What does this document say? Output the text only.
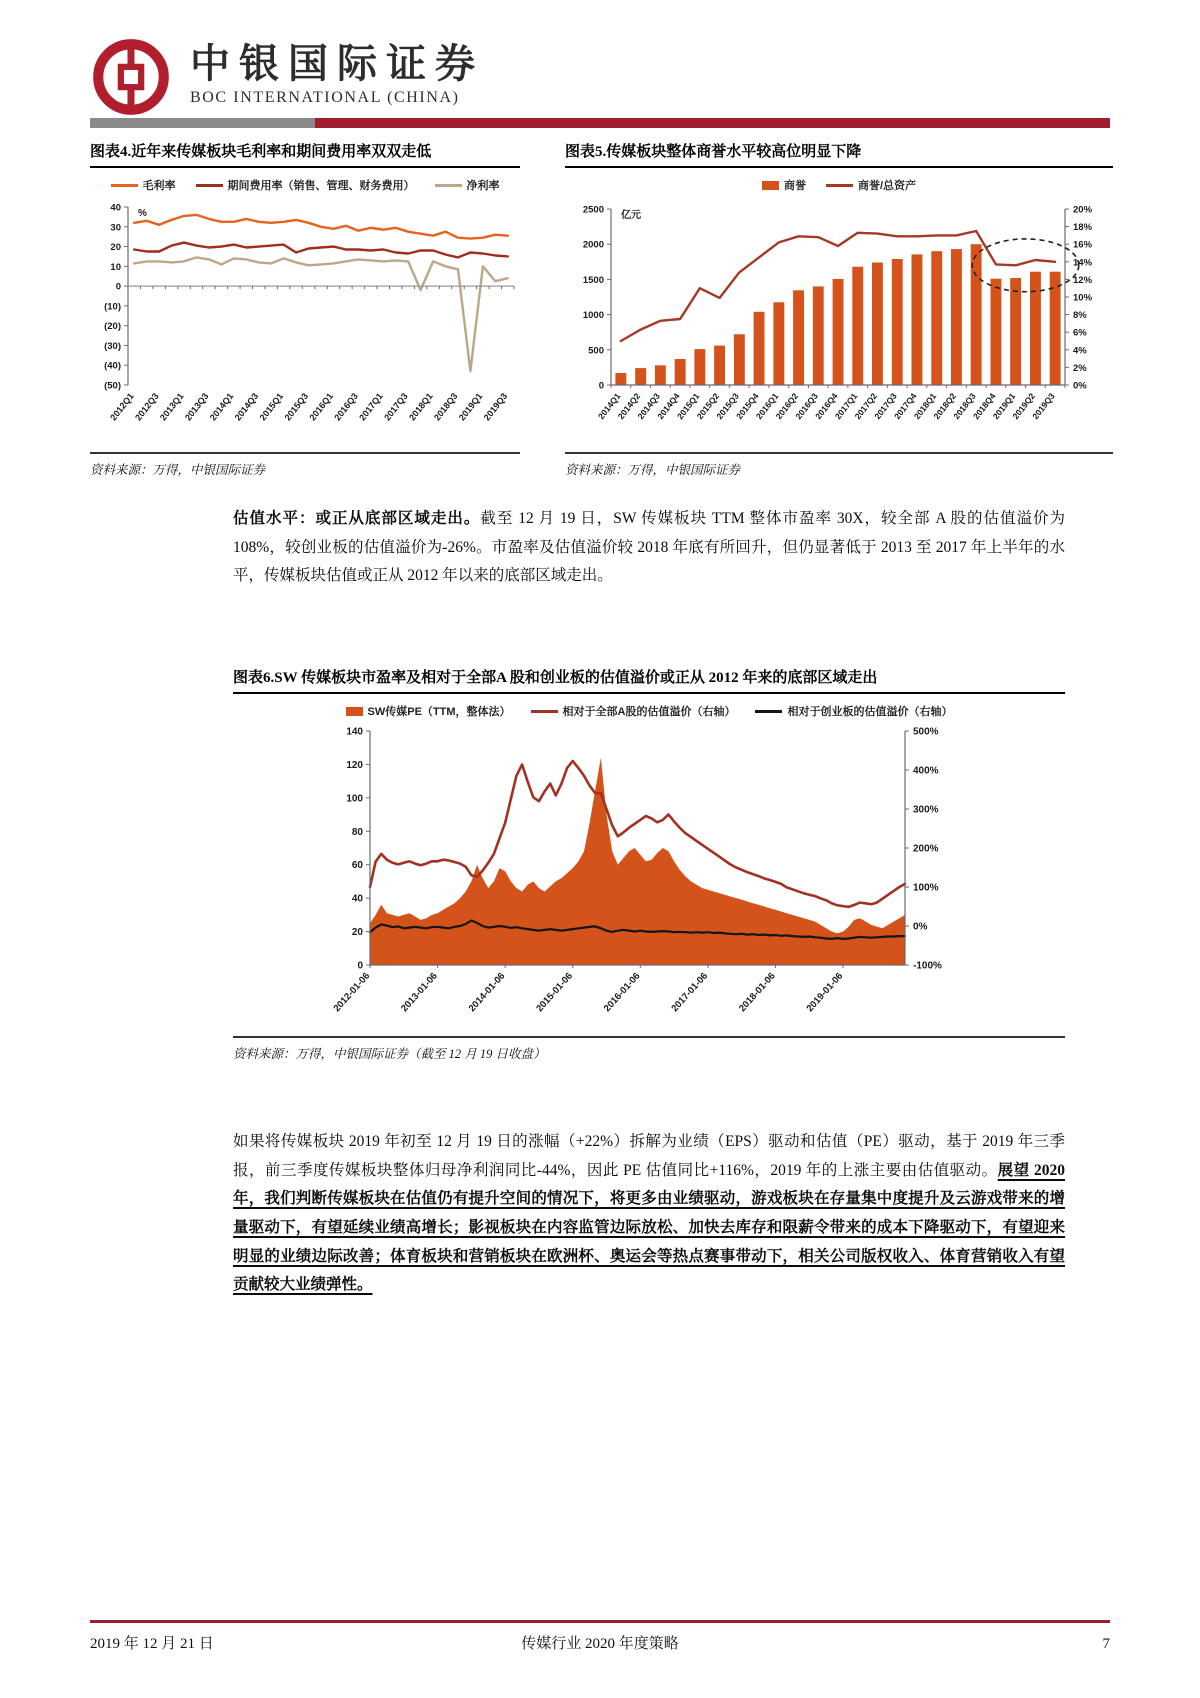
中银国际证券
BOC INTERNATIONAL (CHINA)
图表4.近年来传媒板块毛利率和期间费用率双双走低
毛利率	期间费用率（销售、管理、财务费用）	净利率
40
30
20
10
0
(10)
(20)
(30)
(40)
(50)
2012Q1
2012Q3
2013Q1
2013Q3
2014Q1
2014Q3
2015Q1
2015Q3
2016Q1
2016Q3
2017Q1
2017Q3
2018Q1
2018Q3
2019Q1
2019Q3
%
资料来源：万得，中银国际证券
图表5.传媒板块整体商誉水平较高位明显下降
商誉	商誉/总资产
2500
2000
1500
1000
500
0
20%
18%
16%
14%
12%
10%
8%
6%
4%
2%
0%
2014Q1
2014Q2
2014Q3
2014Q4
2015Q1
2015Q2
2015Q3
2015Q4
2016Q1
2016Q2
2016Q3
2016Q4
2017Q1
2017Q2
2017Q3
2017Q4
2018Q1
2018Q2
2018Q3
2018Q4
2019Q1
2019Q2
2019Q3
亿元
资料来源：万得，中银国际证券
估值水平：或正从底部区域走出。截至 12 月 19 日，SW 传媒板块 TTM 整体市盈率 30X，较全部 A 股的估值溢价为 108%，较创业板的估值溢价为-26%。市盈率及估值溢价较 2018 年底有所回升，但仍显著低于 2013 至 2017 年上半年的水平，传媒板块估值或正从 2012 年以来的底部区域走出。
图表6.SW 传媒板块市盈率及相对于全部A 股和创业板的估值溢价或正从 2012 年来的底部区域走出
SW传媒PE（TTM，整体法）	相对于全部A股的估值溢价（右轴）	相对于创业板的估值溢价（右轴）
140
120
100
80
60
40
20
0
500%
400%
300%
200%
100%
0%
-100%
2012-01-06	2013-01-06	2014-01-06	2015-01-06	2016-01-06	2017-01-06	2018-01-06	2019-01-06
资料来源：万得，中银国际证券（截至 12 月 19 日收盘）
如果将传媒板块 2019 年初至 12 月 19 日的涨幅（+22%）拆解为业绩（EPS）驱动和估值（PE）驱动，基于 2019 年三季报，前三季度传媒板块整体归母净利润同比-44%，因此 PE 估值同比+116%，2019 年的上涨主要由估值驱动。展望 2020 年，我们判断传媒板块在估值仍有提升空间的情况下，将更多由业绩驱动，游戏板块在存量集中度提升及云游戏带来的增量驱动下，有望延续业绩高增长；影视板块在内容监管边际放松、加快去库存和限薪令带来的成本下降驱动下，有望迎来明显的业绩边际改善；体育板块和营销板块在欧洲杯、奥运会等热点赛事带动下，相关公司版权收入、体育营销收入有望贡献较大业绩弹性。
2019 年 12 月 21 日	传媒行业 2020 年度策略	7
